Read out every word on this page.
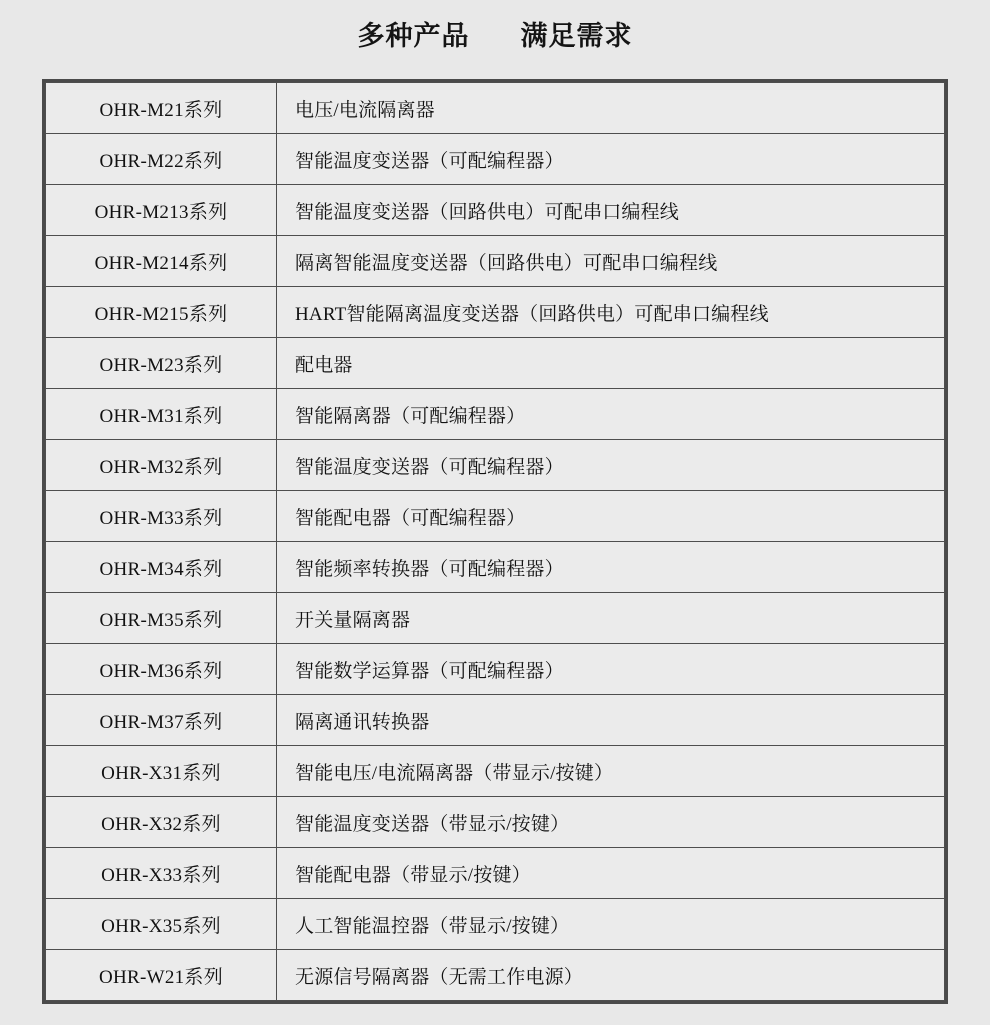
多种产品 满足需求
OHR-M21系列	电压/电流隔离器
OHR-M22系列	智能温度变送器（可配编程器）
OHR-M213系列	智能温度变送器（回路供电）可配串口编程线
OHR-M214系列	隔离智能温度变送器（回路供电）可配串口编程线
OHR-M215系列	HART智能隔离温度变送器（回路供电）可配串口编程线
OHR-M23系列	配电器
OHR-M31系列	智能隔离器（可配编程器）
OHR-M32系列	智能温度变送器（可配编程器）
OHR-M33系列	智能配电器（可配编程器）
OHR-M34系列	智能频率转换器（可配编程器）
OHR-M35系列	开关量隔离器
OHR-M36系列	智能数学运算器（可配编程器）
OHR-M37系列	隔离通讯转换器
OHR-X31系列	智能电压/电流隔离器（带显示/按键）
OHR-X32系列	智能温度变送器（带显示/按键）
OHR-X33系列	智能配电器（带显示/按键）
OHR-X35系列	人工智能温控器（带显示/按键）
OHR-W21系列	无源信号隔离器（无需工作电源）
